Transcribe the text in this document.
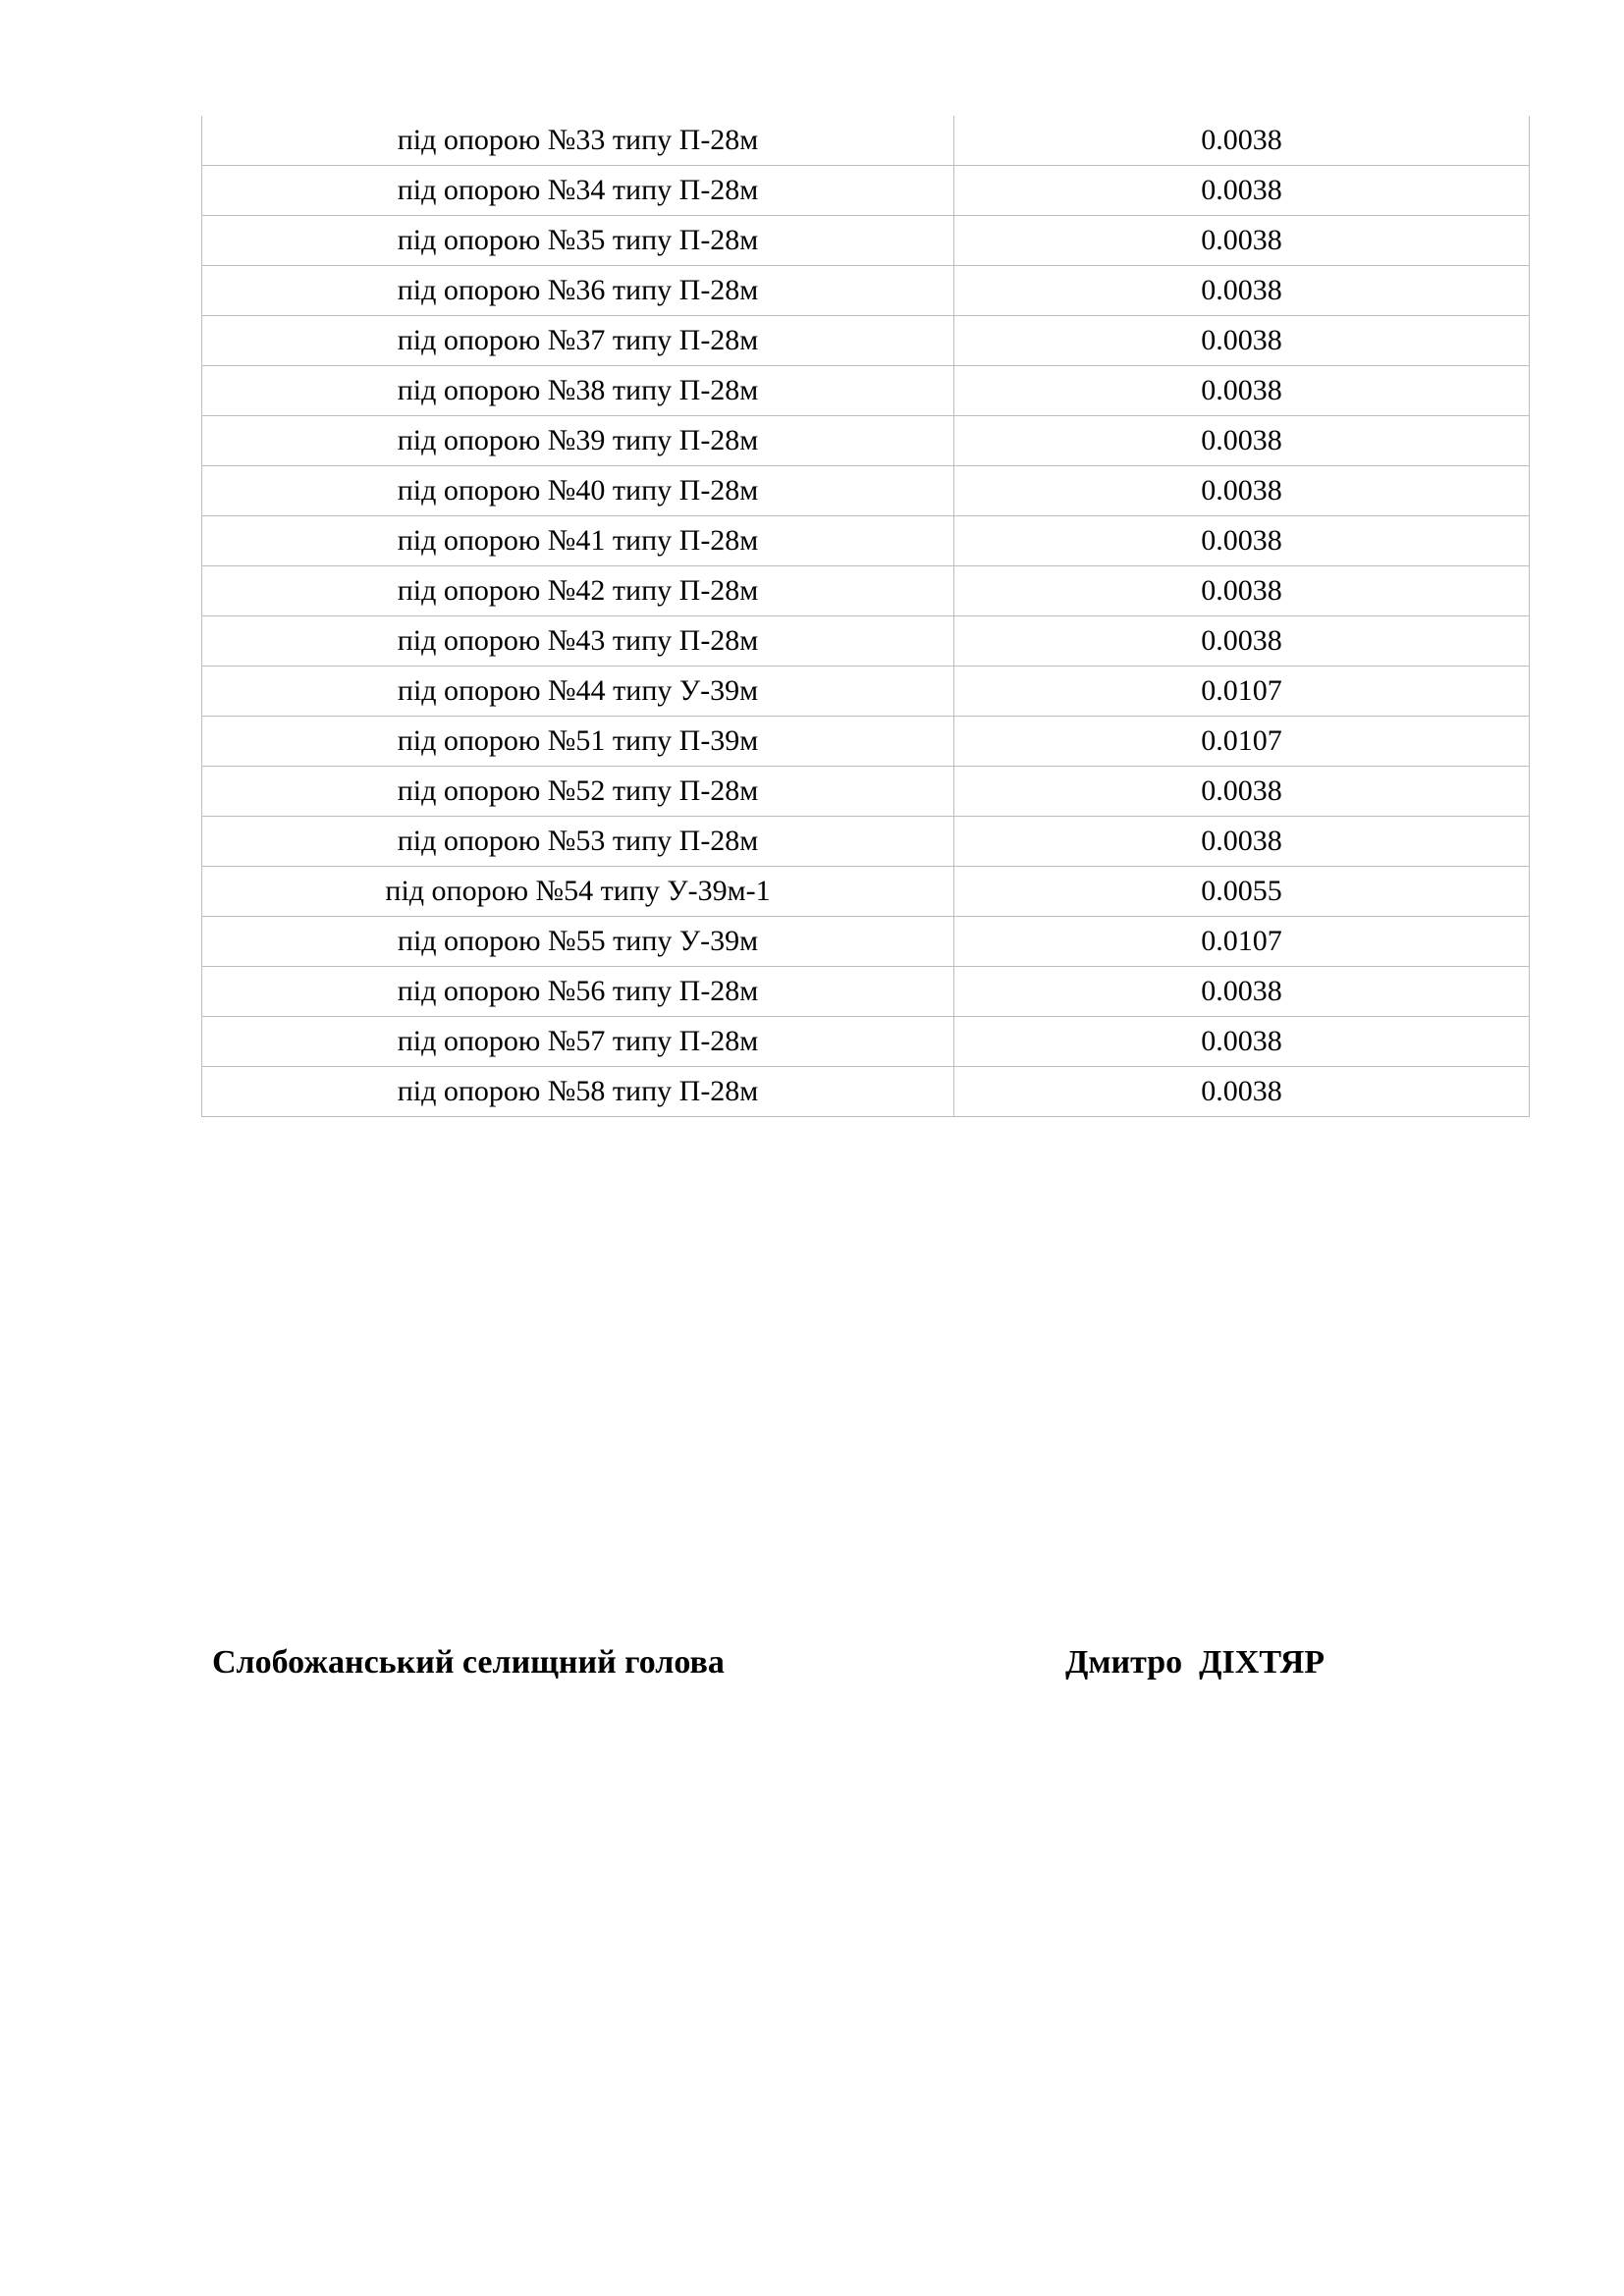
під опорою №33 типу П-28м	0.0038
під опорою №34 типу П-28м	0.0038
під опорою №35 типу П-28м	0.0038
під опорою №36 типу П-28м	0.0038
під опорою №37 типу П-28м	0.0038
під опорою №38 типу П-28м	0.0038
під опорою №39 типу П-28м	0.0038
під опорою №40 типу П-28м	0.0038
під опорою №41 типу П-28м	0.0038
під опорою №42 типу П-28м	0.0038
під опорою №43 типу П-28м	0.0038
під опорою №44 типу У-39м	0.0107
під опорою №51 типу П-39м	0.0107
під опорою №52 типу П-28м	0.0038
під опорою №53 типу П-28м	0.0038
під опорою №54 типу У-39м-1	0.0055
під опорою №55 типу У-39м	0.0107
під опорою №56 типу П-28м	0.0038
під опорою №57 типу П-28м	0.0038
під опорою №58 типу П-28м	0.0038
Слобожанський селищний голова	Дмитро  ДІХТЯР
